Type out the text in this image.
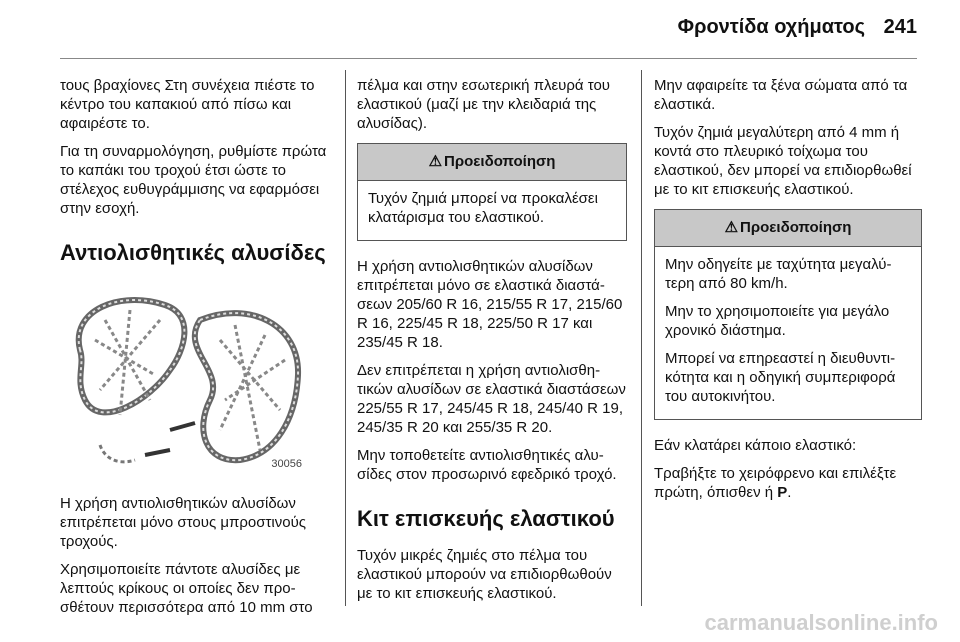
Φροντίδα οχήματος 241

τους βραχίονες Στη συνέχεια πιέστε το κέντρο του καπακιού από πίσω και αφαιρέστε το.

Για τη συναρμολόγηση, ρυθμίστε πρώτα το καπάκι του τροχού έτσι ώστε το στέλεχος ευθυγράμμισης να εφαρμόσει στην εσοχή.

Αντιολισθητικές αλυσίδες
30056

Η χρήση αντιολισθητικών αλυσίδων επιτρέπεται μόνο στους μπροστινούς τροχούς.

Χρησιμοποιείτε πάντοτε αλυσίδες με λεπτούς κρίκους οι οποίες δεν προσθέτουν περισσότερα από 10 mm στο

πέλμα και στην εσωτερική πλευρά του ελαστικού (μαζί με την κλειδαριά της αλυσίδας).

⚠ Προειδοποίηση

Τυχόν ζημιά μπορεί να προκαλέσει κλατάρισμα του ελαστικού.

Η χρήση αντιολισθητικών αλυσίδων επιτρέπεται μόνο σε ελαστικά διαστάσεων 205/60 R 16, 215/55 R 17, 215/60 R 16, 225/45 R 18, 225/50 R 17 και 235/45 R 18.

Δεν επιτρέπεται η χρήση αντιολισθητικών αλυσίδων σε ελαστικά διαστάσεων 225/55 R 17, 245/45 R 18, 245/40 R 19, 245/35 R 20 και 255/35 R 20.

Μην τοποθετείτε αντιολισθητικές αλυσίδες στον προσωρινό εφεδρικό τροχό.

Κιτ επισκευής ελαστικού

Τυχόν μικρές ζημιές στο πέλμα του ελαστικού μπορούν να επιδιορθωθούν με το κιτ επισκευής ελαστικού.

Μην αφαιρείτε τα ξένα σώματα από τα ελαστικά.

Τυχόν ζημιά μεγαλύτερη από 4 mm ή κοντά στο πλευρικό τοίχωμα του ελαστικού, δεν μπορεί να επιδιορθωθεί με το κιτ επισκευής ελαστικού.

⚠ Προειδοποίηση

Μην οδηγείτε με ταχύτητα μεγαλύτερη από 80 km/h.

Μην το χρησιμοποιείτε για μεγάλο χρονικό διάστημα.

Μπορεί να επηρεαστεί η διευθυντικότητα και η οδηγική συμπεριφορά του αυτοκινήτου.

Εάν κλατάρει κάποιο ελαστικό:

Τραβήξτε το χειρόφρενο και επιλέξτε πρώτη, όπισθεν ή P.

carmanualsonline.info
